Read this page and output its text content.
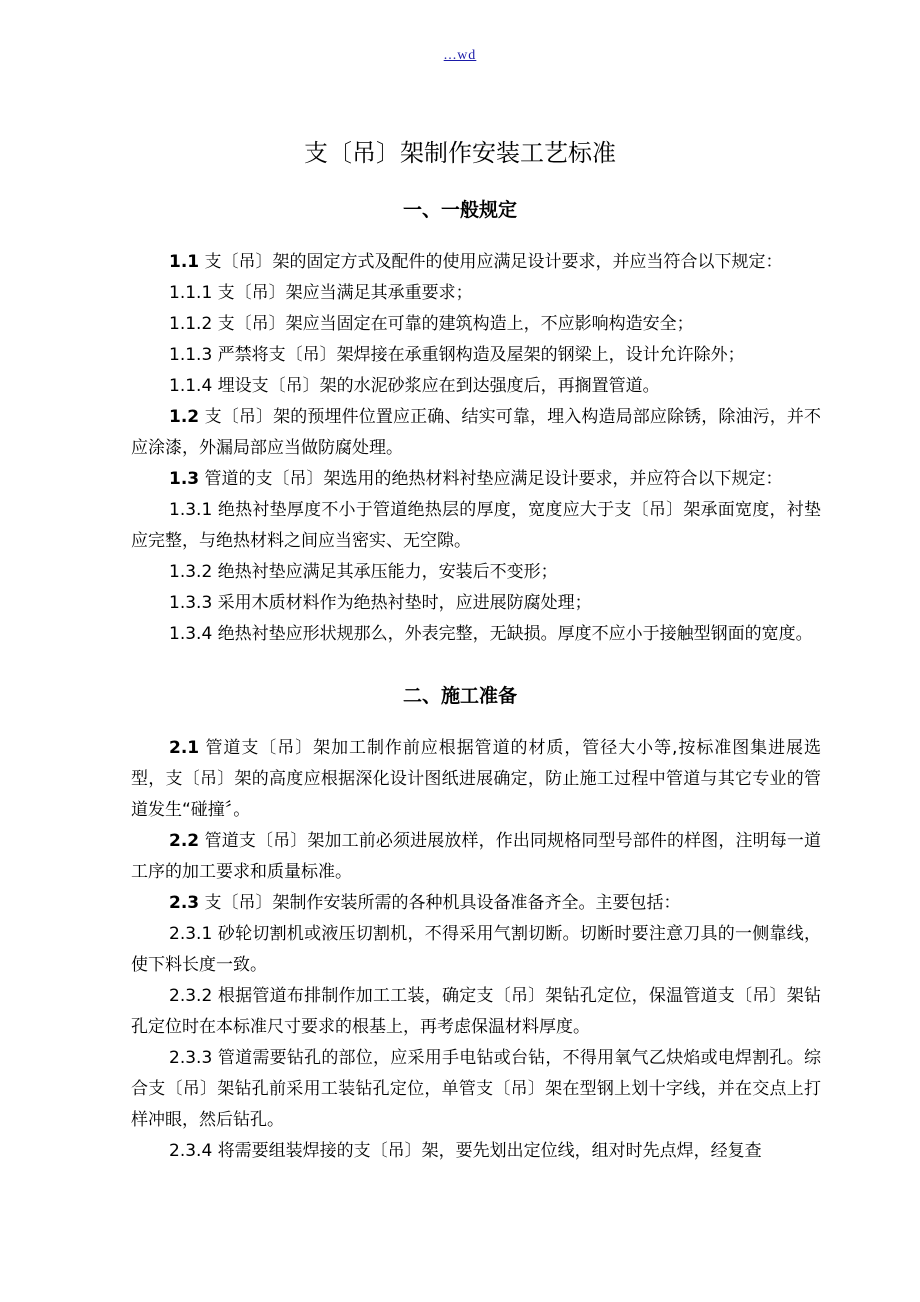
...wd
支〔吊〕架制作安装工艺标准
一、一般规定

1.1 支〔吊〕架的固定方式及配件的使用应满足设计要求，并应当符合以下规定：

1.1.1 支〔吊〕架应当满足其承重要求；

1.1.2 支〔吊〕架应当固定在可靠的建筑构造上，不应影响构造安全；

1.1.3 严禁将支〔吊〕架焊接在承重钢构造及屋架的钢梁上，设计允许除外；

1.1.4 埋设支〔吊〕架的水泥砂浆应在到达强度后，再搁置管道。

1.2 支〔吊〕架的预埋件位置应正确、结实可靠，埋入构造局部应除锈，除油污，并不应涂漆，外漏局部应当做防腐处理。

1.3 管道的支〔吊〕架选用的绝热材料衬垫应满足设计要求，并应符合以下规定：

1.3.1 绝热衬垫厚度不小于管道绝热层的厚度，宽度应大于支〔吊〕架承面宽度，衬垫应完整，与绝热材料之间应当密实、无空隙。

1.3.2 绝热衬垫应满足其承压能力，安装后不变形；

1.3.3 采用木质材料作为绝热衬垫时，应进展防腐处理；

1.3.4 绝热衬垫应形状规那么，外表完整，无缺损。厚度不应小于接触型钢面的宽度。

二、施工准备

2.1 管道支〔吊〕架加工制作前应根据管道的材质，管径大小等,按标准图集进展选型，支〔吊〕架的高度应根据深化设计图纸进展确定，防止施工过程中管道与其它专业的管道发生“碰撞〞。

2.2 管道支〔吊〕架加工前必须进展放样，作出同规格同型号部件的样图，注明每一道工序的加工要求和质量标准。

2.3 支〔吊〕架制作安装所需的各种机具设备准备齐全。主要包括：

2.3.1 砂轮切割机或液压切割机，不得采用气割切断。切断时要注意刀具的一侧靠线，使下料长度一致。

2.3.2 根据管道布排制作加工工装，确定支〔吊〕架钻孔定位，保温管道支〔吊〕架钻孔定位时在本标准尺寸要求的根基上，再考虑保温材料厚度。

2.3.3 管道需要钻孔的部位，应采用手电钻或台钻，不得用氧气乙炔焰或电焊割孔。综合支〔吊〕架钻孔前采用工装钻孔定位，单管支〔吊〕架在型钢上划十字线，并在交点上打样冲眼，然后钻孔。

2.3.4 将需要组装焊接的支〔吊〕架，要先划出定位线，组对时先点焊，经复查
